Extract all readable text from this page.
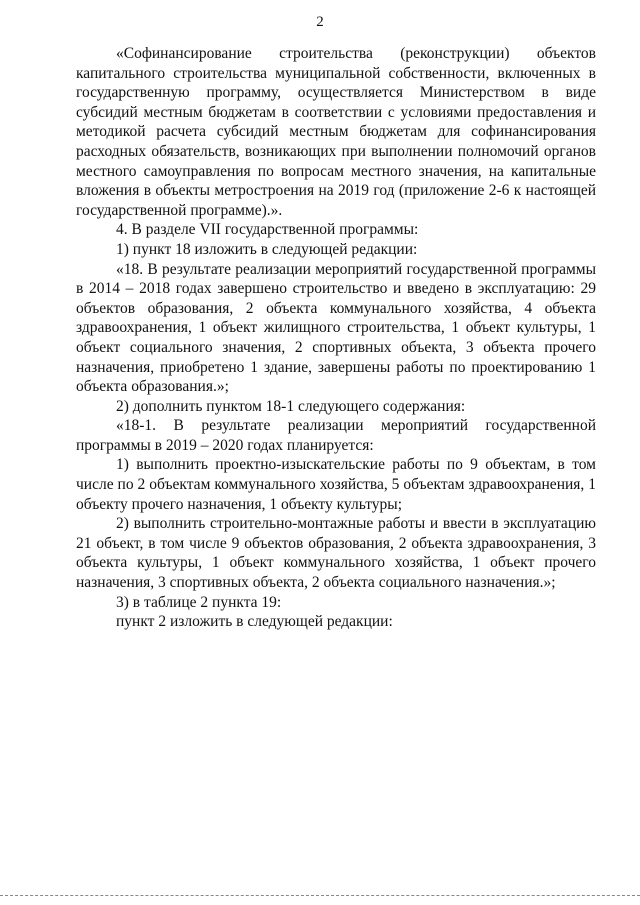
2

«Софинансирование строительства (реконструкции) объектов капитального строительства муниципальной собственности, включенных в государственную программу, осуществляется Министерством в виде субсидий местным бюджетам в соответствии с условиями предоставления и методикой расчета субсидий местным бюджетам для софинансирования расходных обязательств, возникающих при выполнении полномочий органов местного самоуправления по вопросам местного значения, на капитальные вложения в объекты метростроения на 2019 год (приложение 2-6 к настоящей государственной программе).».

4. В разделе VII государственной программы:

1) пункт 18 изложить в следующей редакции:

«18. В результате реализации мероприятий государственной программы в 2014 – 2018 годах завершено строительство и введено в эксплуатацию: 29 объектов образования, 2 объекта коммунального хозяйства, 4 объекта здравоохранения, 1 объект жилищного строительства, 1 объект культуры, 1 объект социального значения, 2 спортивных объекта, 3 объекта прочего назначения, приобретено 1 здание, завершены работы по проектированию 1 объекта образования.»;

2) дополнить пунктом 18-1 следующего содержания:

«18-1. В результате реализации мероприятий государственной программы в 2019 – 2020 годах планируется:

1) выполнить проектно-изыскательские работы по 9 объектам, в том числе по 2 объектам коммунального хозяйства, 5 объектам здравоохранения, 1 объекту прочего назначения, 1 объекту культуры;

2) выполнить строительно-монтажные работы и ввести в эксплуатацию 21 объект, в том числе 9 объектов образования, 2 объекта здравоохранения, 3 объекта культуры, 1 объект коммунального хозяйства, 1 объект прочего назначения, 3 спортивных объекта, 2 объекта социального назначения.»;

3) в таблице 2 пункта 19:

пункт 2 изложить в следующей редакции:
